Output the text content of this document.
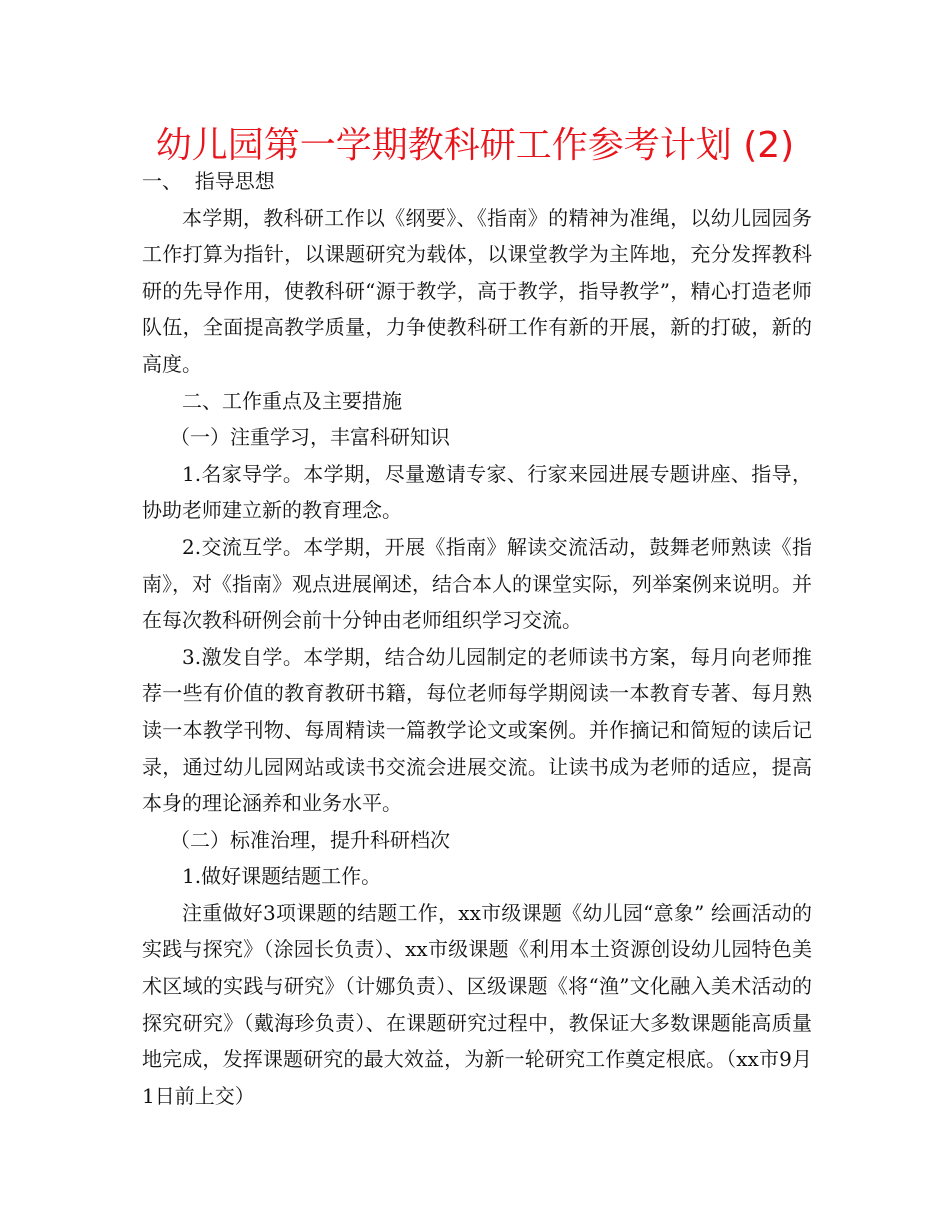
幼儿园第一学期教科研工作参考计划 (2)

一、  指导思想

本学期，教科研工作以《纲要》、《指南》的精神为准绳，以幼儿园园务工作打算为指针，以课题研究为载体，以课堂教学为主阵地，充分发挥教科研的先导作用，使教科研“源于教学，高于教学，指导教学”，精心打造老师队伍，全面提高教学质量，力争使教科研工作有新的开展，新的打破，新的高度。

二、工作重点及主要措施

（一）注重学习，丰富科研知识

1.名家导学。本学期，尽量邀请专家、行家来园进展专题讲座、指导，协助老师建立新的教育理念。

2.交流互学。本学期，开展《指南》解读交流活动，鼓舞老师熟读《指南》，对《指南》观点进展阐述，结合本人的课堂实际，列举案例来说明。并在每次教科研例会前十分钟由老师组织学习交流。

3.激发自学。本学期，结合幼儿园制定的老师读书方案，每月向老师推荐一些有价值的教育教研书籍，每位老师每学期阅读一本教育专著、每月熟读一本教学刊物、每周精读一篇教学论文或案例。并作摘记和简短的读后记录，通过幼儿园网站或读书交流会进展交流。让读书成为老师的适应，提高本身的理论涵养和业务水平。

（二）标准治理，提升科研档次

1.做好课题结题工作。

注重做好3项课题的结题工作，xx市级课题《幼儿园“意象” 绘画活动的实践与探究》（涂园长负责）、xx市级课题《利用本土资源创设幼儿园特色美术区域的实践与研究》（计娜负责）、区级课题《将“渔”文化融入美术活动的探究研究》（戴海珍负责）、在课题研究过程中，教保证大多数课题能高质量地完成，发挥课题研究的最大效益，为新一轮研究工作奠定根底。（xx市9月1日前上交）
